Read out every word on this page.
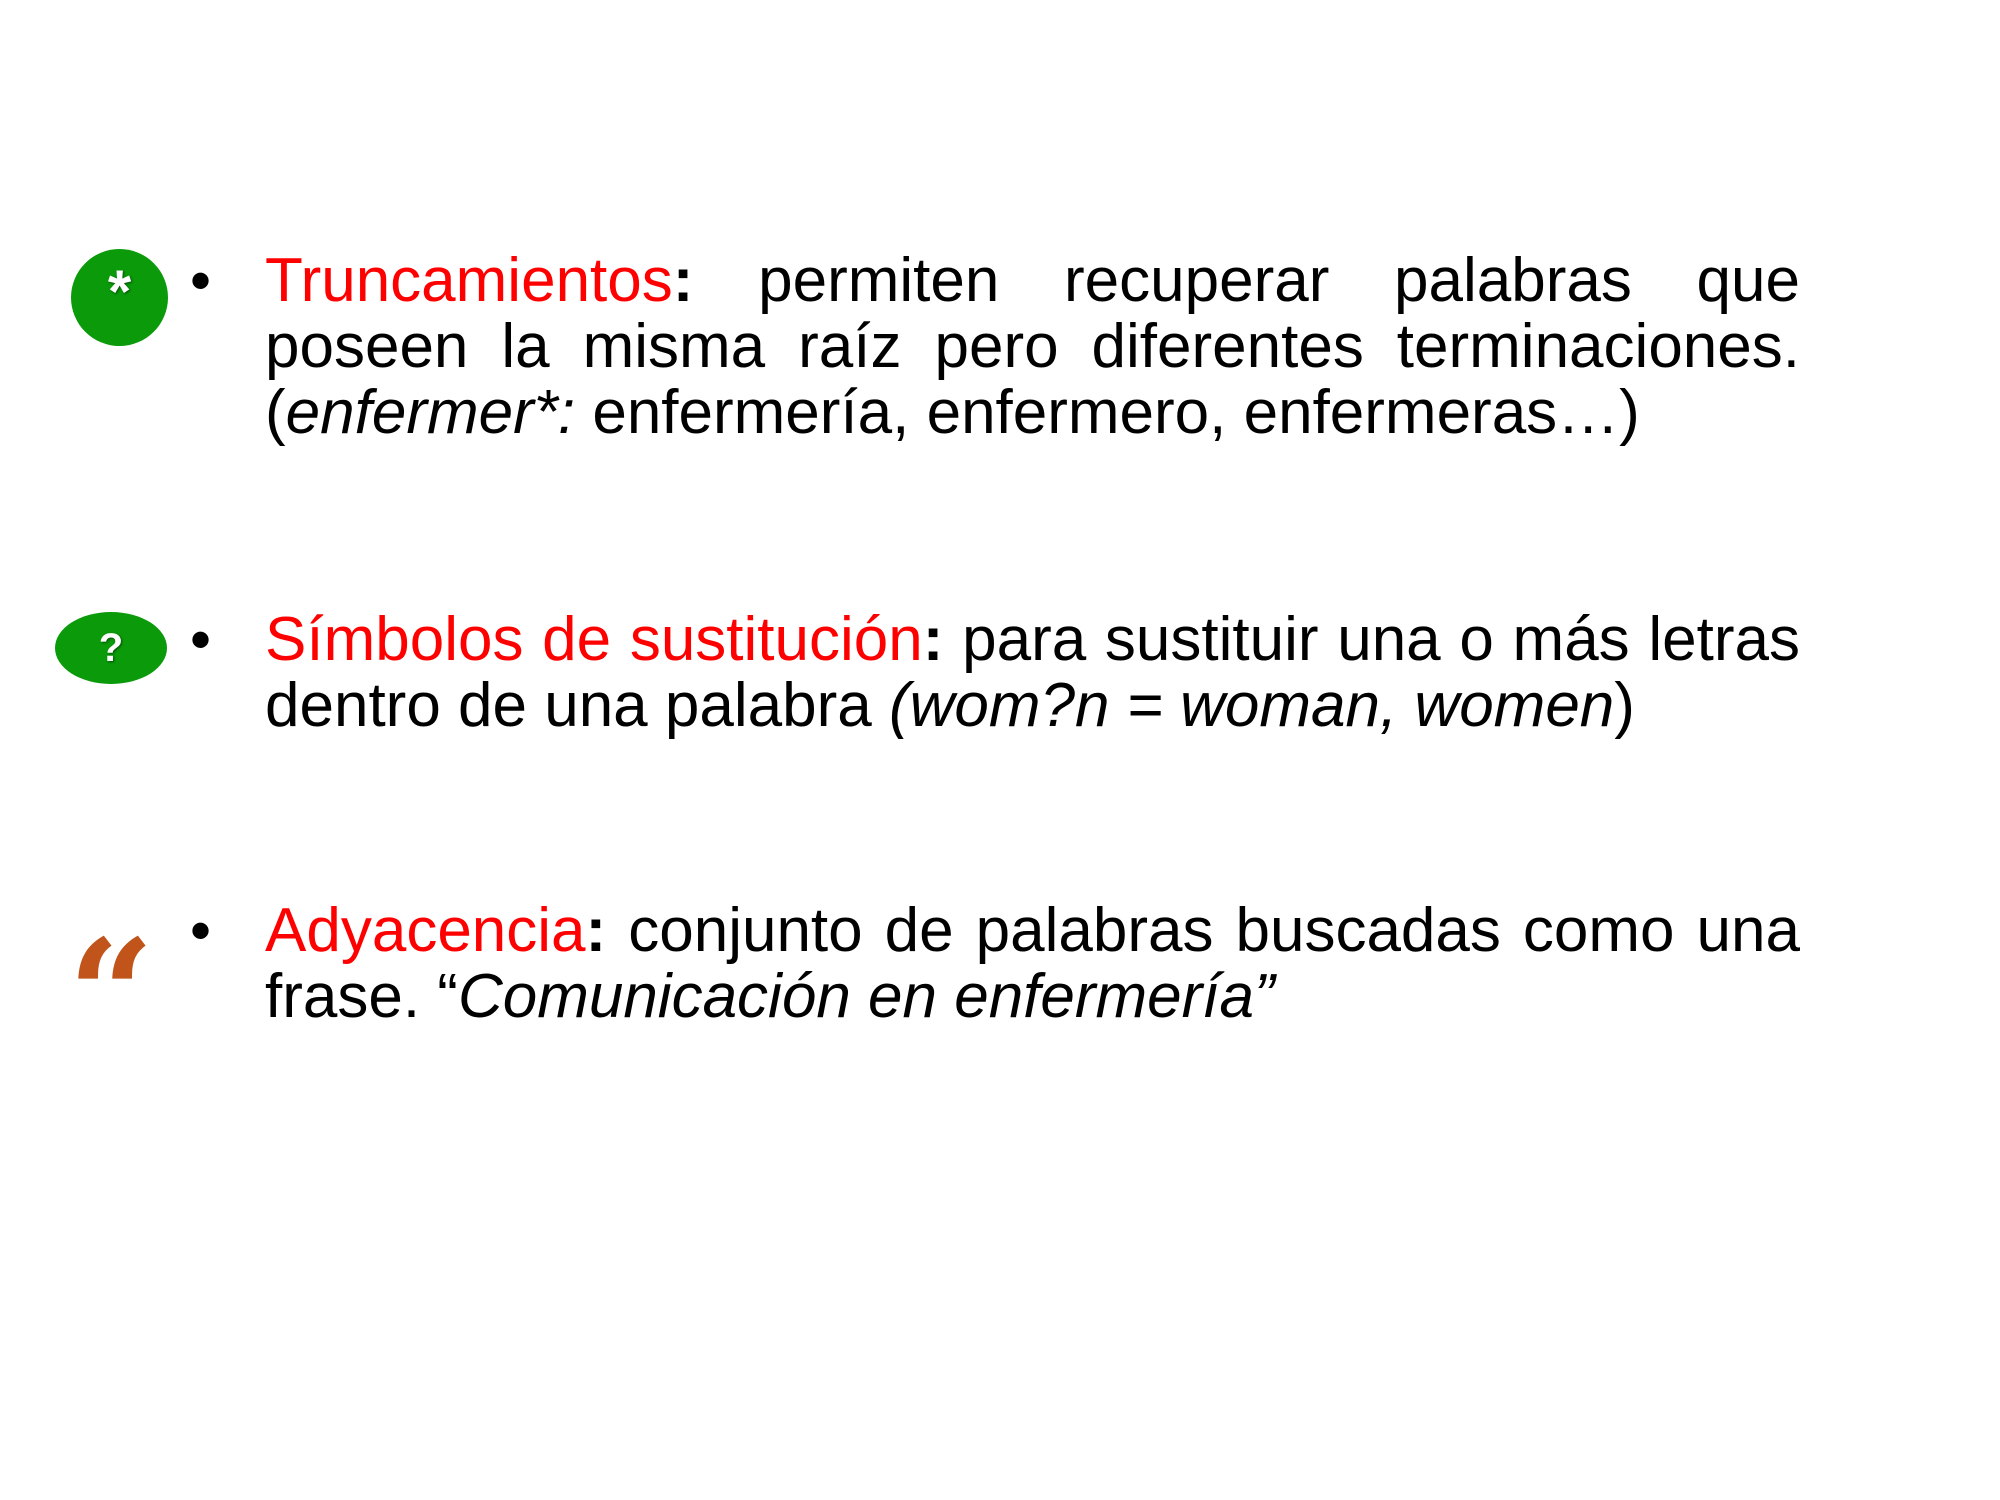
*
?
“
• Truncamientos: permiten recuperar palabras que poseen la misma raíz pero diferentes terminaciones. (enfermer*: enfermería, enfermero, enfermeras…)
• Símbolos de sustitución: para sustituir una o más letras dentro de una palabra (wom?n = woman, women)
• Adyacencia: conjunto de palabras buscadas como una frase. “Comunicación en enfermería”
